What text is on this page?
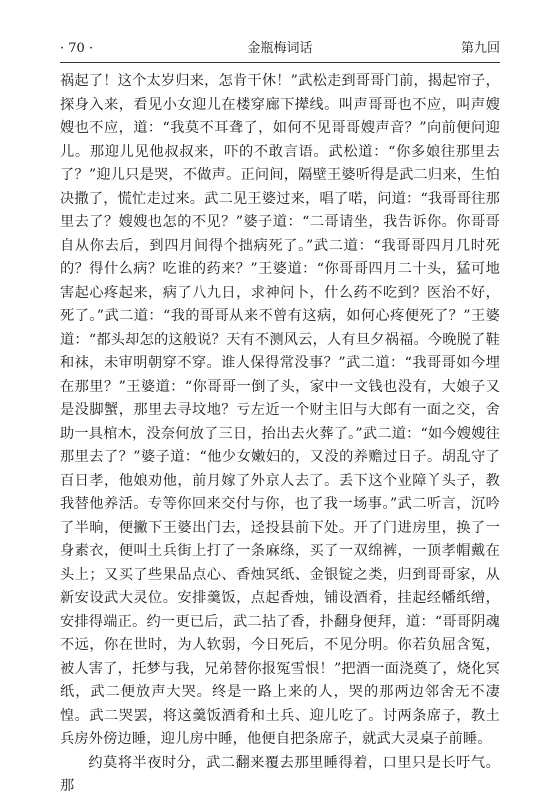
· 70 ·	金瓶梅词话	第九回

祸起了！这个太岁归来，怎肯干休！”武松走到哥哥门前，揭起帘子，探身入来，看见小女迎儿在楼穿廊下撵线。叫声哥哥也不应，叫声嫂嫂也不应，道：“我莫不耳聋了，如何不见哥哥嫂声音？”向前便问迎儿。那迎儿见他叔叔来，吓的不敢言语。武松道：“你多娘往那里去了？”迎儿只是哭，不做声。正问间，隔壁王婆听得是武二归来，生怕决撒了，慌忙走过来。武二见王婆过来，唱了喏，问道：“我哥哥往那里去了？嫂嫂也怎的不见？”婆子道：“二哥请坐，我告诉你。你哥哥自从你去后，到四月间得个拙病死了。”武二道：“我哥哥四月几时死的？得什么病？吃谁的药来？”王婆道：“你哥哥四月二十头，猛可地害起心疼起来，病了八九日，求神问卜，什么药不吃到？医治不好，死了。”武二道：“我的哥哥从来不曾有这病，如何心疼便死了？”王婆道：“都头却怎的这般说？天有不测风云，人有旦夕祸福。今晚脱了鞋和袜，未审明朝穿不穿。谁人保得常没事？”武二道：“我哥哥如今埋在那里？”王婆道：“你哥哥一倒了头，家中一文钱也没有，大娘子又是没脚蟹，那里去寻坟地？亏左近一个财主旧与大郎有一面之交，舍助一具棺木，没奈何放了三日，抬出去火葬了。”武二道：“如今嫂嫂往那里去了？”婆子道：“他少女嫩妇的，又没的养赡过日子。胡乱守了百日孝，他娘劝他，前月嫁了外京人去了。丢下这个业障丫头子，教我替他养活。专等你回来交付与你，也了我一场事。”武二听言，沉吟了半晌，便撇下王婆出门去，迳投县前下处。开了门进房里，换了一身素衣，便叫土兵街上打了一条麻绦，买了一双绵裤，一顶孝帽戴在头上；又买了些果品点心、香烛冥纸、金银锭之类，归到哥哥家，从新安设武大灵位。安排羹饭，点起香烛，铺设酒肴，挂起经幡纸缯，安排得端正。约一更已后，武二拈了香，扑翻身便拜，道：“哥哥阴魂不远，你在世时，为人软弱，今日死后，不见分明。你若负屈含冤，被人害了，托梦与我，兄弟替你报冤雪恨！”把酒一面浇奠了，烧化冥纸，武二便放声大哭。终是一路上来的人，哭的那两边邻舍无不凄惶。武二哭罢，将这羹饭酒肴和土兵、迎儿吃了。讨两条席子，教土兵房外傍边睡，迎儿房中睡，他便自把条席子，就武大灵桌子前睡。

约莫将半夜时分，武二翻来覆去那里睡得着，口里只是长吁气。那
